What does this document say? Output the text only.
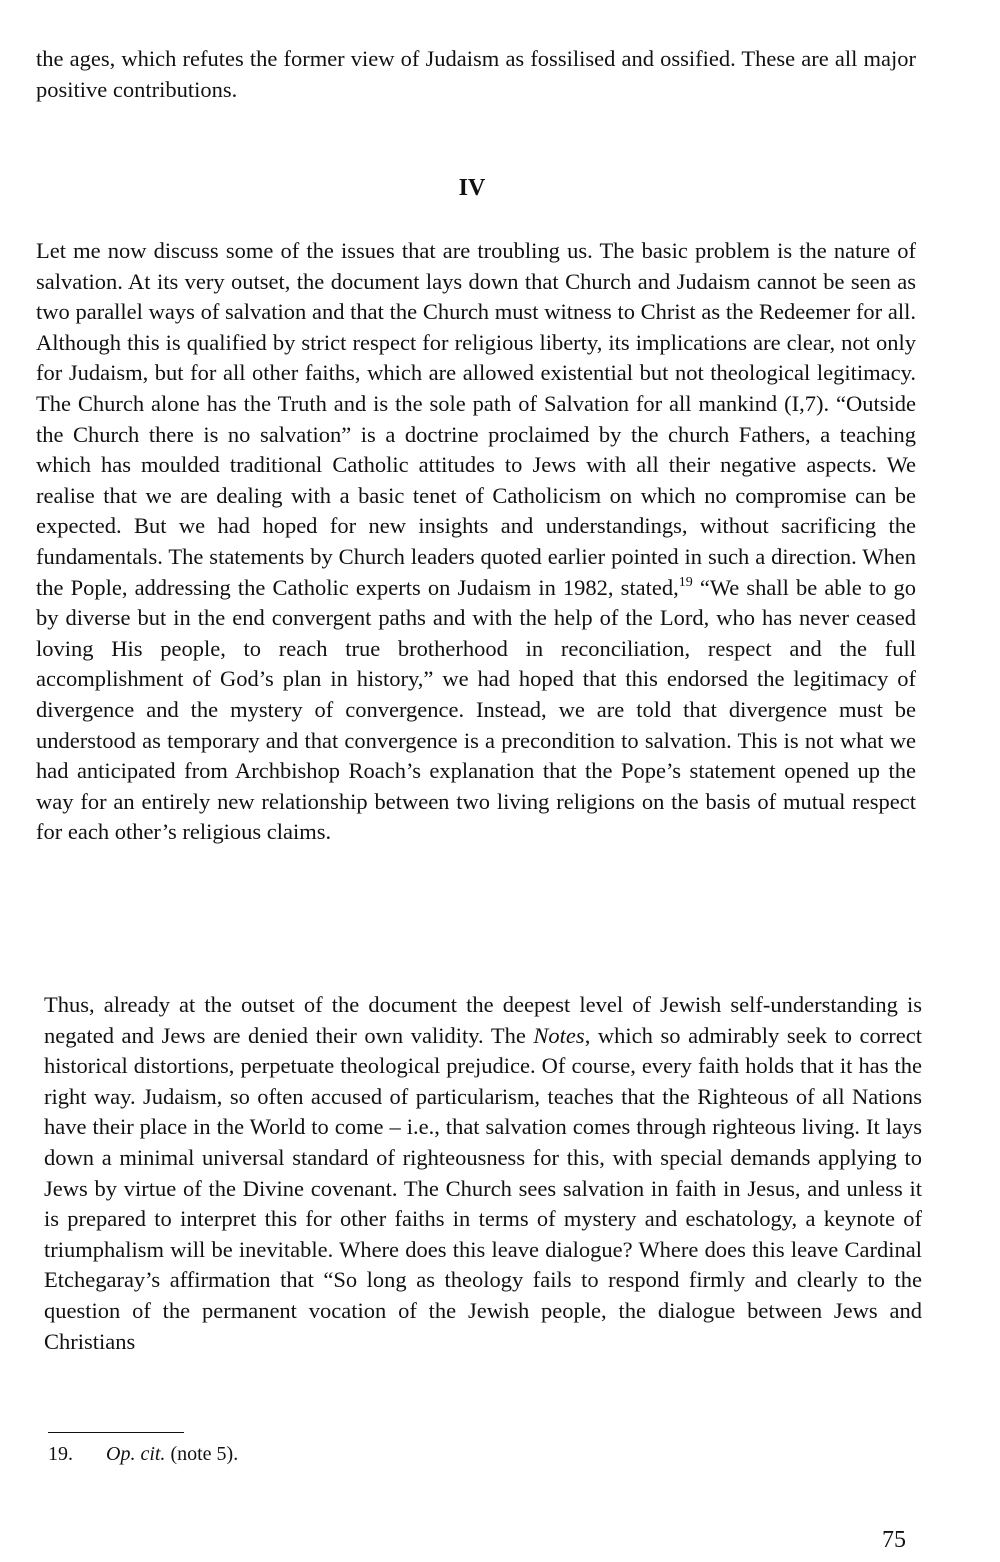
the ages, which refutes the former view of Judaism as fossilised and ossified. These are all major positive contributions.

IV

Let me now discuss some of the issues that are troubling us. The basic problem is the nature of salvation. At its very outset, the document lays down that Church and Judaism cannot be seen as two parallel ways of salvation and that the Church must witness to Christ as the Redeemer for all. Although this is qualified by strict respect for religious liberty, its implications are clear, not only for Judaism, but for all other faiths, which are allowed existential but not theological legitimacy. The Church alone has the Truth and is the sole path of Salvation for all mankind (I,7). “Outside the Church there is no salvation” is a doctrine proclaimed by the church Fathers, a teaching which has moulded traditional Catholic attitudes to Jews with all their negative aspects. We realise that we are dealing with a basic tenet of Catholicism on which no compromise can be expected. But we had hoped for new insights and understandings, without sacrificing the fundamentals. The statements by Church leaders quoted earlier pointed in such a direction. When the Pople, addressing the Catholic experts on Judaism in 1982, stated,$^{19}$ “We shall be able to go by diverse but in the end convergent paths and with the help of the Lord, who has never ceased loving His people, to reach true brotherhood in reconciliation, respect and the full accomplishment of God’s plan in history,” we had hoped that this endorsed the legitimacy of divergence and the mystery of convergence. Instead, we are told that divergence must be understood as temporary and that convergence is a precondition to salvation. This is not what we had anticipated from Archbishop Roach’s explanation that the Pope’s statement opened up the way for an entirely new relationship between two living religions on the basis of mutual respect for each other’s religious claims.

Thus, already at the outset of the document the deepest level of Jewish self-understanding is negated and Jews are denied their own validity. The Notes, which so admirably seek to correct historical distortions, perpetuate theological prejudice. Of course, every faith holds that it has the right way. Judaism, so often accused of particularism, teaches that the Righteous of all Nations have their place in the World to come – i.e., that salvation comes through righteous living. It lays down a minimal universal standard of righteousness for this, with special demands applying to Jews by virtue of the Divine covenant. The Church sees salvation in faith in Jesus, and unless it is prepared to interpret this for other faiths in terms of mystery and eschatology, a keynote of triumphalism will be inevitable. Where does this leave dialogue? Where does this leave Cardinal Etchegaray’s affirmation that “So long as theology fails to respond firmly and clearly to the question of the permanent vocation of the Jewish people, the dialogue between Jews and Christians

19. Op. cit. (note 5).
75
